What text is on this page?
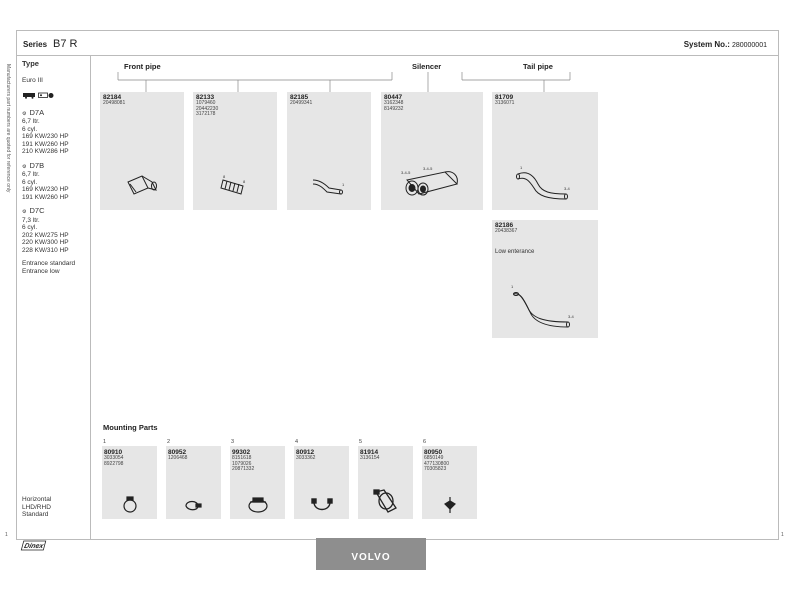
Series B7 R	System No.: 280000001
Manufacturers part numbers are quoted for reference only
1	1
Type
Euro III

⚙ D7A
6,7 ltr.
6 cyl.
169 KW/230 HP
191 KW/260 HP
210 KW/286 HP
⚙ D7B
6,7 ltr.
6 cyl.
169 KW/230 HP
191 KW/260 HP
⚙ D7C
7,3 ltr.
6 cyl.
202 KW/275 HP
220 KW/300 HP
228 KW/310 HP
Entrance standard
Entrance low
Horizontal
LHD/RHD
Standard
Front pipe	Silencer	Tail pipe
82184
20498081
82133
1079460
20442230
3172178
8
8
82185
20499341
1
80447
3162348
8149232
3-4-5
3-4-5
81709
3136071
1
3-4
82186
20438367
Low enterance
1
3-4
Mounting Parts
1
80910
3033054
8922798
2
80952
1206468
3
99302
8151618
1079026
20871332
4
80912
3033362
5
81914
3136154
6
80950
6850149
477130800
70305823
Dinex
VOLVO
